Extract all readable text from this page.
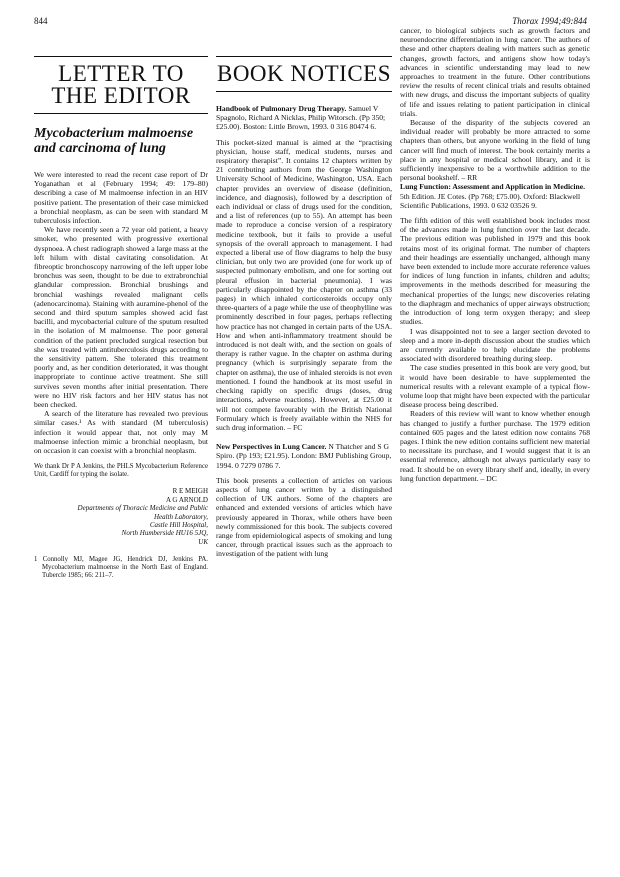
844	Thorax 1994;49:844
LETTER TO THE EDITOR
Mycobacterium malmoense and carcinoma of lung

We were interested to read the recent case report of Dr Yoganathan et al (February 1994; 49: 179–80) describing a case of M malmoense infection in an HIV positive patient. The presentation of their case mimicked a bronchial neoplasm, as can be seen with standard M tuberculosis infection.

We have recently seen a 72 year old patient, a heavy smoker, who presented with progressive exertional dyspnoea. A chest radiograph showed a large mass at the left hilum with distal cavitating consolidation. At fibreoptic bronchoscopy narrowing of the left upper lobe bronchus was seen, thought to be due to extrabronchial glandular compression. Bronchial brushings and bronchial washings revealed malignant cells (adenocarcinoma). Staining with auramine-phenol of the second and third sputum samples showed acid fast bacilli, and mycobacterial culture of the sputum resulted in the isolation of M malmoense. The poor general condition of the patient precluded surgical resection but she was treated with antituberculosis drugs according to the sensitivity pattern. She tolerated this treatment poorly and, as her condition deteriorated, it was thought inappropriate to continue active treatment. She still survives seven months after initial presentation. There were no HIV risk factors and her HIV status has not been checked.

A search of the literature has revealed two previous similar cases.¹ As with standard (M tuberculosis) infection it would appear that, not only may M malmoense infection mimic a bronchial neoplasm, but on occasion it can coexist with a bronchial neoplasm.

We thank Dr P A Jenkins, the PHLS Mycobacterium Reference Unit, Cardiff for typing the isolate.

R E MEIGH
A G ARNOLD
Departments of Thoracic Medicine and Public
Health Laboratory,
Castle Hill Hospital,
North Humberside HU16 5JQ,
UK

1 Connolly MJ, Magee JG, Hendrick DJ, Jenkins PA. Mycobacterium malmoense in the North East of England. Tubercle 1985; 66: 211–7.

BOOK NOTICES
Handbook of Pulmonary Drug Therapy. Samuel V Spagnolo, Richard A Nicklas, Philip Witorsch. (Pp 350; £25.00). Boston: Little Brown, 1993. 0 316 80474 6.

This pocket-sized manual is aimed at the “practising physician, house staff, medical students, nurses and respiratory therapist”. It contains 12 chapters written by 21 contributing authors from the George Washington University School of Medicine, Washington, USA. Each chapter provides an overview of disease (definition, incidence, and diagnosis), followed by a description of each individual or class of drugs used for the condition, and a list of references (up to 55). An attempt has been made to reproduce a concise version of a respiratory medicine textbook, but it fails to provide a useful synopsis of the overall approach to management. I had expected a liberal use of flow diagrams to help the busy clinician, but only two are provided (one for work up of suspected pulmonary embolism, and one for sorting out pleural effusion in bacterial pneumonia). I was particularly disappointed by the chapter on asthma (33 pages) in which inhaled corticosteroids occupy only three-quarters of a page while the use of theophylline was prominently described in four pages, perhaps reflecting how practice has not changed in certain parts of the USA. How and when anti-inflammatory treatment should be introduced is not dealt with, and the section on goals of therapy is rather vague. In the chapter on asthma during pregnancy (which is surprisingly separate from the chapter on asthma), the use of inhaled steroids is not even mentioned. I found the handbook at its most useful in checking rapidly on specific drugs (doses, drug interactions, adverse reactions). However, at £25.00 it will not compete favourably with the British National Formulary which is freely available within the NHS for such drug information. – FC

New Perspectives in Lung Cancer. N Thatcher and S G Spiro. (Pp 193; £21.95). London: BMJ Publishing Group, 1994. 0 7279 0786 7.

This book presents a collection of articles on various aspects of lung cancer written by a distinguished collection of UK authors. Some of the chapters are enhanced and extended versions of articles which have previously appeared in Thorax, while others have been newly commissioned for this book. The subjects covered range from epidemiological aspects of smoking and lung cancer, through practical issues such as the approach to investigation of the patient with lung

cancer, to biological subjects such as growth factors and neuroendocrine differentiation in lung cancer. The authors of these and other chapters dealing with matters such as genetic changes, growth factors, and antigens show how today's advances in scientific understanding may lead to new approaches to treatment in the future. Other contributions review the results of recent clinical trials and results obtained with new drugs, and discuss the important subjects of quality of life and issues relating to patient participation in clinical trials.

Because of the disparity of the subjects covered an individual reader will probably be more attracted to some chapters than others, but anyone working in the field of lung cancer will find much of interest. The book certainly merits a place in any hospital or medical school library, and it is sufficiently inexpensive to be a worthwhile addition to the personal bookshelf. – RR

Lung Function: Assessment and Application in Medicine. 5th Edition. JE Cotes. (Pp 768; £75.00). Oxford: Blackwell Scientific Publications, 1993. 0 632 03526 9.

The fifth edition of this well established book includes most of the advances made in lung function over the last decade. The previous edition was published in 1979 and this book retains most of its original format. The number of chapters and their headings are essentially unchanged, although many have been extended to include more accurate reference values for indices of lung function in infants, children and adults; improvements in the methods described for measuring the mechanical properties of the lungs; new discoveries relating to the diaphragm and mechanics of upper airways obstruction; the introduction of long term oxygen therapy; and sleep studies.

I was disappointed not to see a larger section devoted to sleep and a more in-depth discussion about the studies which are currently available to help elucidate the problems associated with disordered breathing during sleep.

The case studies presented in this book are very good, but it would have been desirable to have supplemented the numerical results with a relevant example of a typical flow-volume loop that might have been expected with the particular disease process being described.

Readers of this review will want to know whether enough has changed to justify a further purchase. The 1979 edition contained 605 pages and the latest edition now contains 768 pages. I think the new edition contains sufficient new material to necessitate its purchase, and I would suggest that it is an essential reference, although not always particularly easy to read. It should be on every library shelf and, ideally, in every lung function department. – DC
